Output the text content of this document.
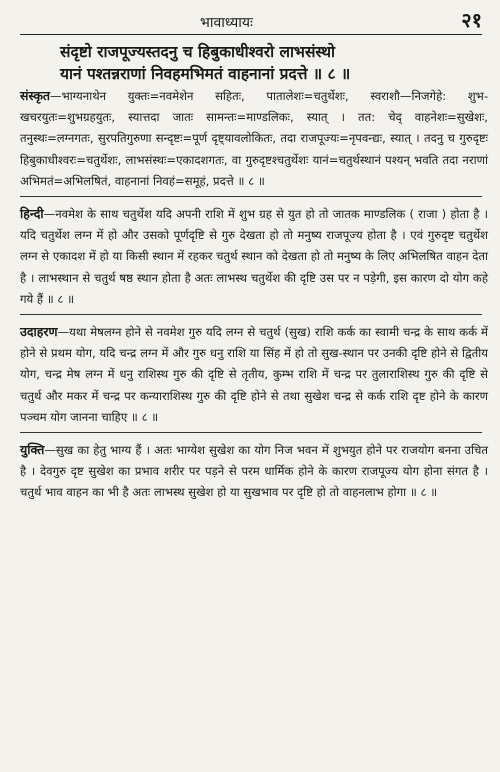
भावाध्यायः	२१
संदृष्टो राजपूज्यस्तदनु च हिबुकाधीश्वरो लाभसंस्थो
यानं पश्तन्नराणां निवहमभिमतं वाहनानां प्रदत्ते ॥ ८ ॥

संस्कृत—भाग्यनाथेन युक्तः=नवमेशेन सहितः, पातालेशः=चतुर्थेशः, स्वराशौ—निजगेहे: शुभ-खचरयुतः=शुभग्रहयुतः, स्यात्तदा जातः सामन्तः=माण्डलिकः, स्यात् । तत: चेद् वाहनेशः=सुखेशः, तनुस्थः=लग्नगतः, सुरपतिगुरुणा सन्दृष्टः=पूर्ण दृष्ट्यावलोकितः, तदा राजपूज्यः=नृपवन्द्यः, स्यात् । तदनु च गुरुदृष्टः हिबुकाधीश्वरः=चतुर्थेशः, लाभसंस्थः=एकादशगतः, वा गुरुदृष्टश्चतुर्थेशः यानं=चतुर्थस्थानं पश्यन् भवति तदा नराणां अभिमतं=अभिलषितं, वाहनानां निवहं=समूहं, प्रदत्ते ॥ ८ ॥

हिन्दी—नवमेश के साथ चतुर्थेश यदि अपनी राशि में शुभ ग्रह से युत हो तो जातक माण्डलिक ( राजा ) होता है । यदि चतुर्थेश लग्न में हो और उसको पूर्णदृष्टि से गुरु देखता हो तो मनुष्य राजपूज्य होता है । एवं गुरुदृष्ट चतुर्थेश लग्न से एकादश में हो या किसी स्थान में रहकर चतुर्थ स्थान को देखता हो तो मनुष्य के लिए अभिलषित वाहन देता है । लाभस्थान से चतुर्थ षष्ठ स्थान होता है अतः लाभस्थ चतुर्थेश की दृष्टि उस पर न पड़ेगी, इस कारण दो योग कहे गये हैं ॥ ८ ॥

उदाहरण—यथा मेषलग्न होने से नवमेश गुरु यदि लग्न से चतुर्थ (सुख) राशि कर्क का स्वामी चन्द्र के साथ कर्क में होने से प्रथम योग, यदि चन्द्र लग्न में और गुरु धनु राशि या सिंह में हो तो सुख-स्थान पर उनकी दृष्टि होने से द्वितीय योग, चन्द्र मेष लग्न में धनु राशिस्थ गुरु की दृष्टि से तृतीय, कुम्भ राशि में चन्द्र पर तुलाराशिस्थ गुरु की दृष्टि से चतुर्थ और मकर में चन्द्र पर कन्याराशिस्थ गुरु की दृष्टि होने से तथा सुखेश चन्द्र से कर्क राशि दृष्ट होने के कारण पञ्चम योग जानना चाहिए ॥ ८ ॥

युक्ति—सुख का हेतु भाग्य हैं । अतः भाग्येश सुखेश का योग निज भवन में शुभयुत होने पर राजयोग बनना उचित है । देवगुरु दृष्ट सुखेश का प्रभाव शरीर पर पड़ने से परम धार्मिक होने के कारण राजपूज्य योग होना संगत है । चतुर्थ भाव वाहन का भी है अतः लाभस्थ सुखेश हो या सुखभाव पर दृष्टि हो तो वाहनलाभ होगा ॥ ८ ॥
